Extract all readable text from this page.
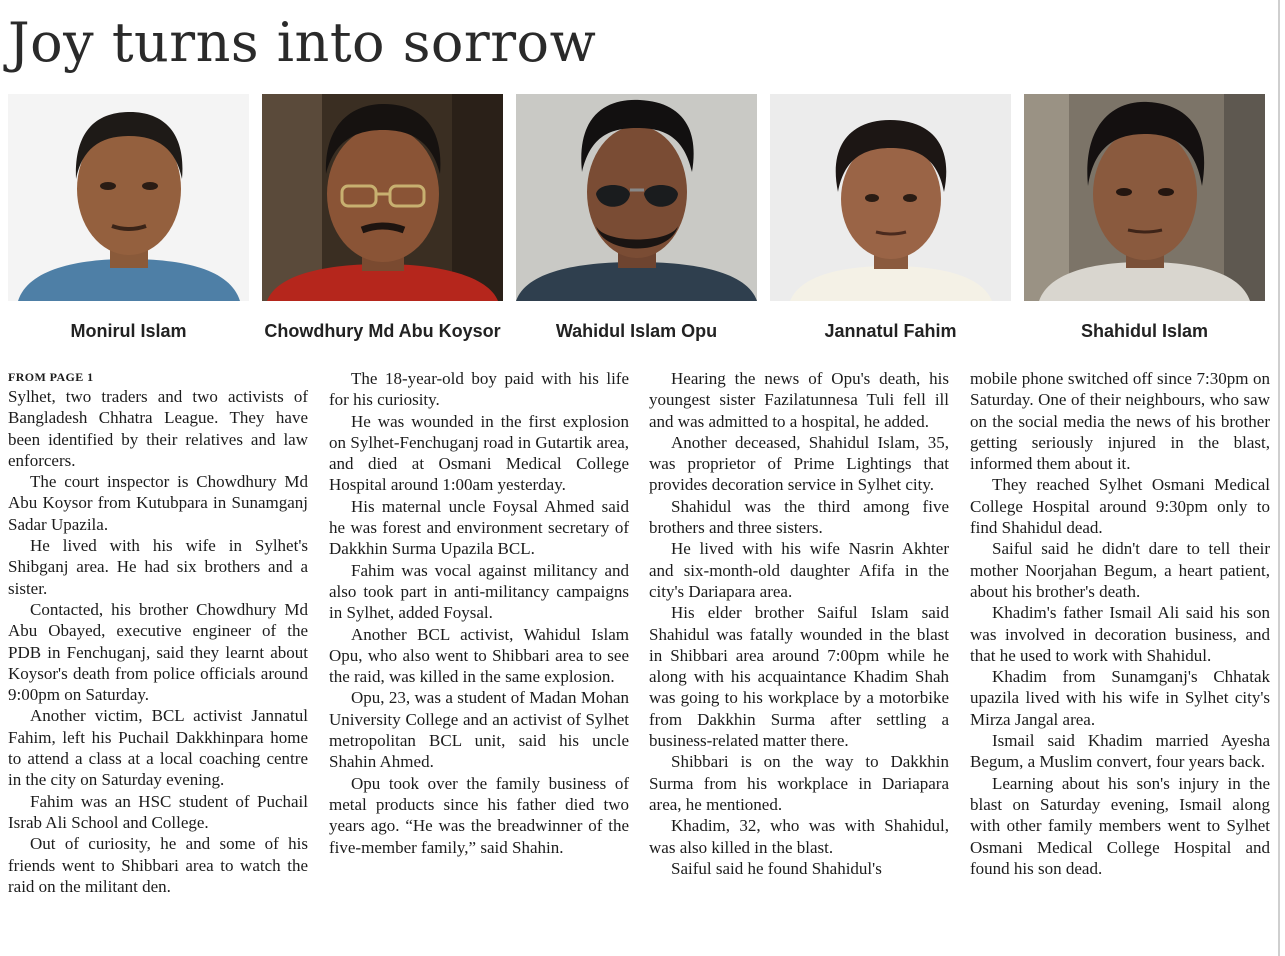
Joy turns into sorrow
Monirul Islam	Chowdhury Md Abu Koysor	Wahidul Islam Opu	Jannatul Fahim	Shahidul Islam
FROM PAGE 1

Sylhet, two traders and two activists of Bangladesh Chhatra League. They have been identified by their relatives and law enforcers.

The court inspector is Chowdhury Md Abu Koysor from Kutubpara in Sunamganj Sadar Upazila.

He lived with his wife in Sylhet's Shibganj area. He had six brothers and a sister.

Contacted, his brother Chowdhury Md Abu Obayed, executive engineer of the PDB in Fenchuganj, said they learnt about Koysor's death from police officials around 9:00pm on Saturday.

Another victim, BCL activist Jannatul Fahim, left his Puchail Dakkhinpara home to attend a class at a local coaching centre in the city on Saturday evening.

Fahim was an HSC student of Puchail Israb Ali School and College.

Out of curiosity, he and some of his friends went to Shibbari area to watch the raid on the militant den.

The 18-year-old boy paid with his life for his curiosity.

He was wounded in the first explosion on Sylhet-Fenchuganj road in Gutartik area, and died at Osmani Medical College Hospital around 1:00am yesterday.

His maternal uncle Foysal Ahmed said he was forest and environment secretary of Dakkhin Surma Upazila BCL.

Fahim was vocal against militancy and also took part in anti-militancy campaigns in Sylhet, added Foysal.

Another BCL activist, Wahidul Islam Opu, who also went to Shibbari area to see the raid, was killed in the same explosion.

Opu, 23, was a student of Madan Mohan University College and an activist of Sylhet metropolitan BCL unit, said his uncle Shahin Ahmed.

Opu took over the family business of metal products since his father died two years ago. “He was the breadwinner of the five-member family,” said Shahin.

Hearing the news of Opu's death, his youngest sister Fazilatunnesa Tuli fell ill and was admitted to a hospital, he added.

Another deceased, Shahidul Islam, 35, was proprietor of Prime Lightings that provides decoration service in Sylhet city.

Shahidul was the third among five brothers and three sisters.

He lived with his wife Nasrin Akhter and six-month-old daughter Afifa in the city's Dariapara area.

His elder brother Saiful Islam said Shahidul was fatally wounded in the blast in Shibbari area around 7:00pm while he along with his acquaintance Khadim Shah was going to his workplace by a motorbike from Dakkhin Surma after settling a business-related matter there.

Shibbari is on the way to Dakkhin Surma from his workplace in Dariapara area, he mentioned.

Khadim, 32, who was with Shahidul, was also killed in the blast.

Saiful said he found Shahidul's

mobile phone switched off since 7:30pm on Saturday. One of their neighbours, who saw on the social media the news of his brother getting seriously injured in the blast, informed them about it.

They reached Sylhet Osmani Medical College Hospital around 9:30pm only to find Shahidul dead.

Saiful said he didn't dare to tell their mother Noorjahan Begum, a heart patient, about his brother's death.

Khadim's father Ismail Ali said his son was involved in decoration business, and that he used to work with Shahidul.

Khadim from Sunamganj's Chhatak upazila lived with his wife in Sylhet city's Mirza Jangal area.

Ismail said Khadim married Ayesha Begum, a Muslim convert, four years back.

Learning about his son's injury in the blast on Saturday evening, Ismail along with other family members went to Sylhet Osmani Medical College Hospital and found his son dead.
